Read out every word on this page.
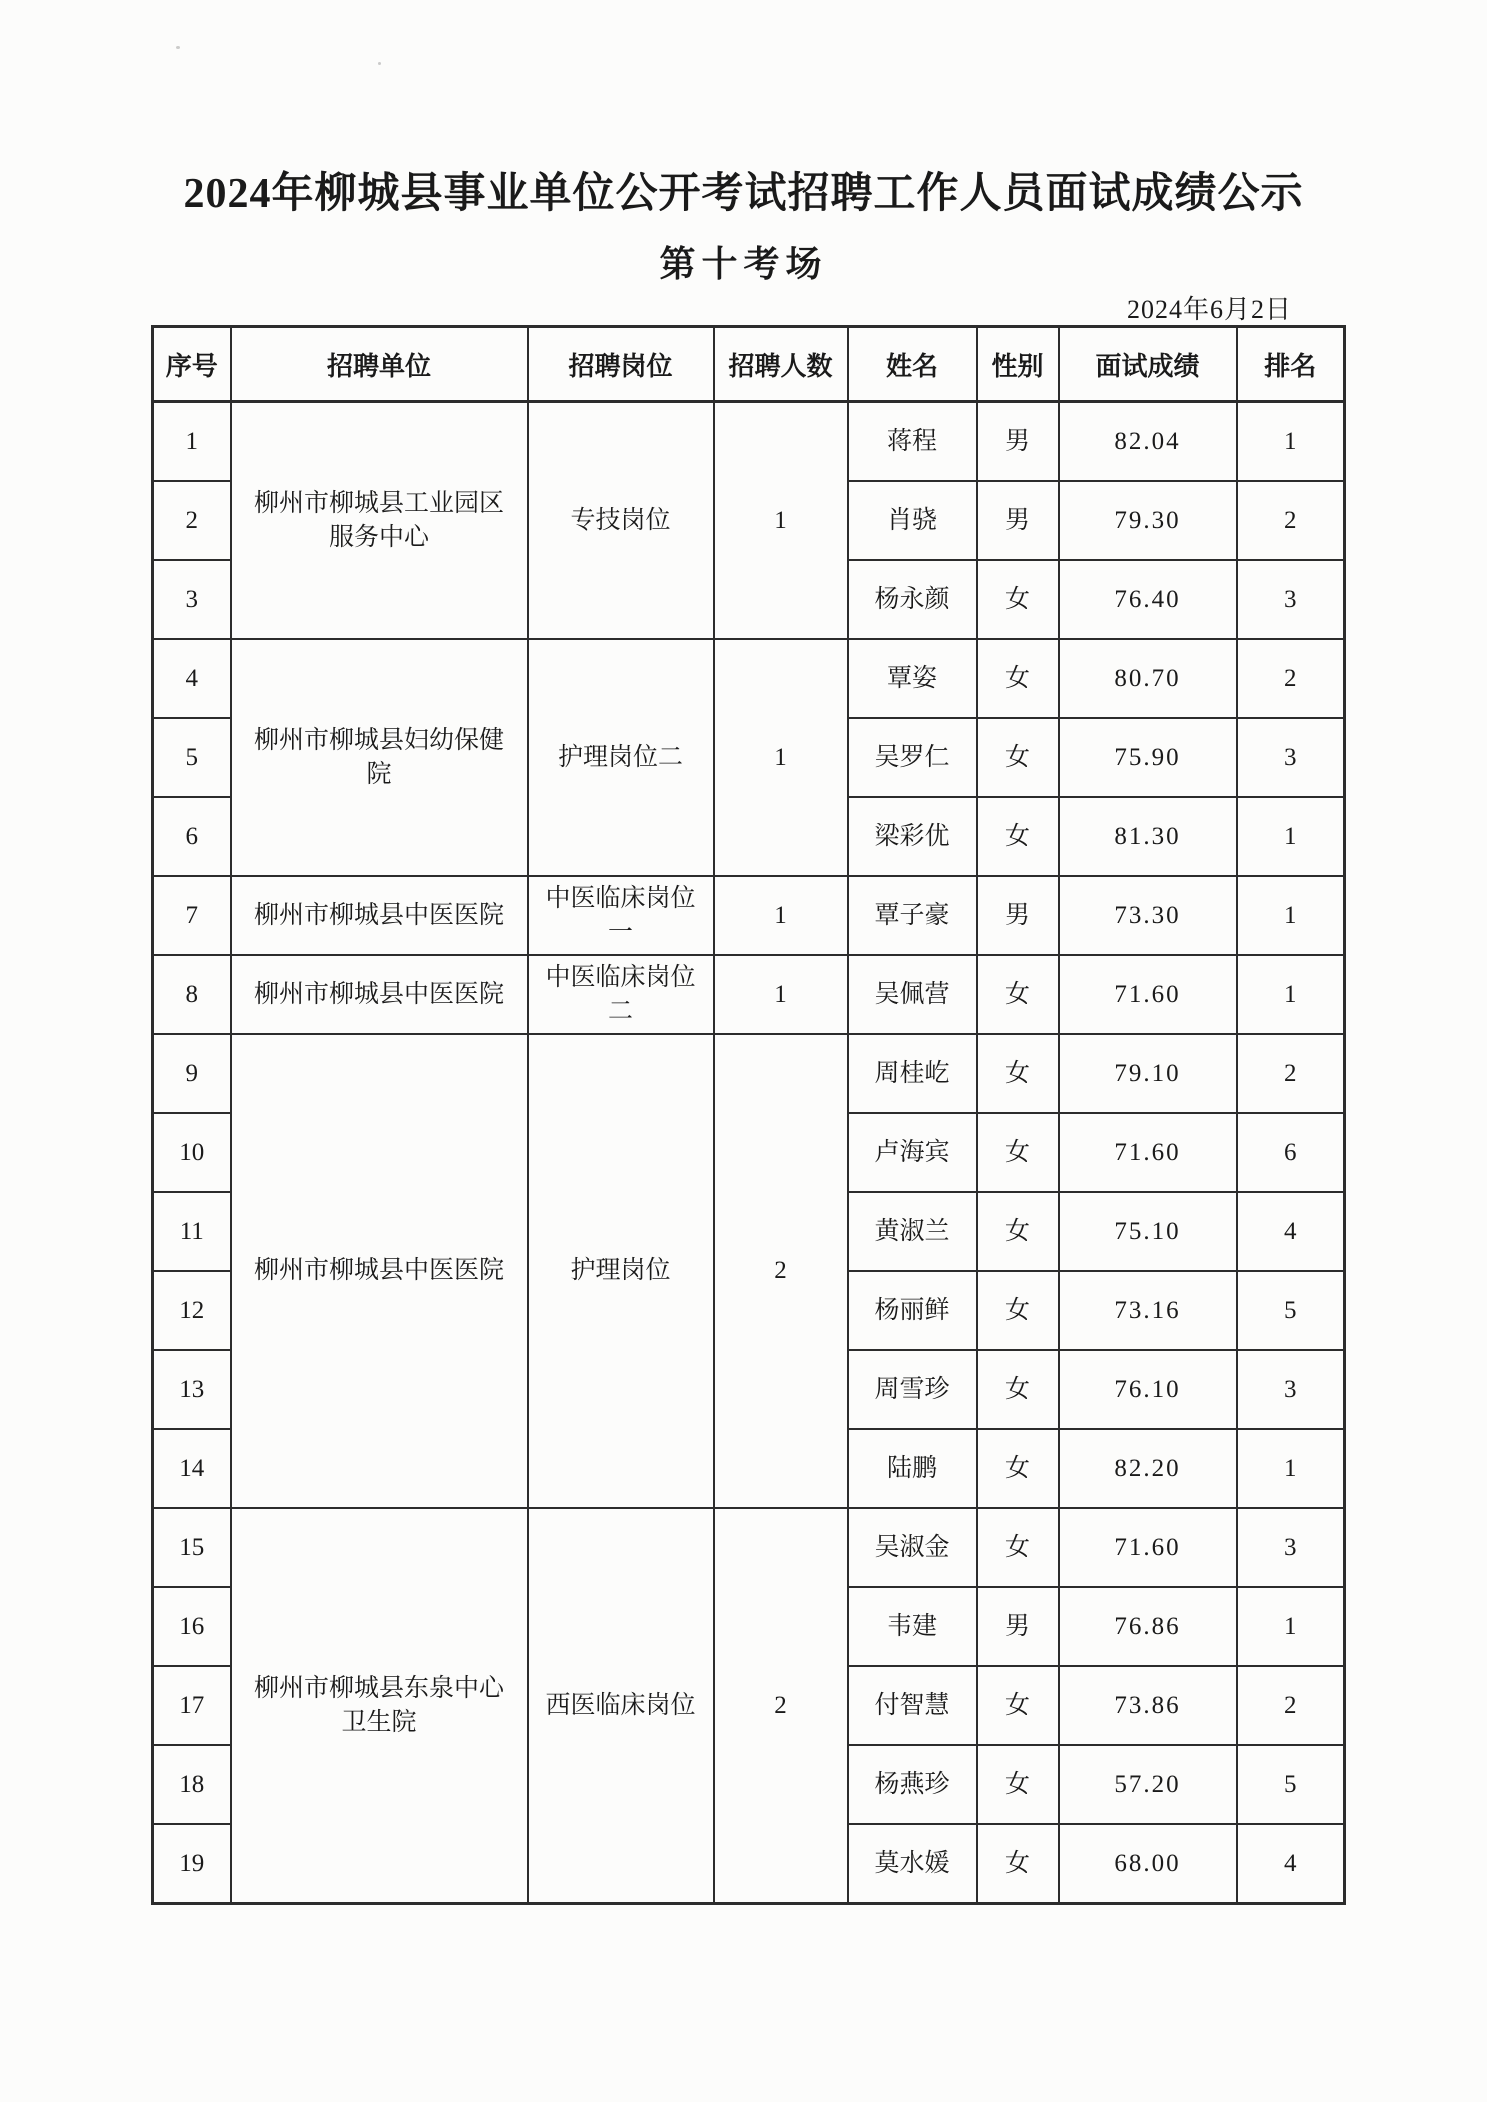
2024年柳城县事业单位公开考试招聘工作人员面试成绩公示
第十考场
2024年6月2日
序号	招聘单位	招聘岗位	招聘人数	姓名	性别	面试成绩	排名
1	柳州市柳城县工业园区服务中心	专技岗位	1	蒋程	男	82.04	1
2				肖骁	男	79.30	2
3				杨永颜	女	76.40	3
4	柳州市柳城县妇幼保健院	护理岗位二	1	覃姿	女	80.70	2
5				吴罗仁	女	75.90	3
6				梁彩优	女	81.30	1
7	柳州市柳城县中医医院	中医临床岗位一	1	覃子豪	男	73.30	1
8	柳州市柳城县中医医院	中医临床岗位二	1	吴佩营	女	71.60	1
9	柳州市柳城县中医医院	护理岗位	2	周桂屹	女	79.10	2
10				卢海宾	女	71.60	6
11				黄淑兰	女	75.10	4
12				杨丽鲜	女	73.16	5
13				周雪珍	女	76.10	3
14				陆鹏	女	82.20	1
15	柳州市柳城县东泉中心卫生院	西医临床岗位	2	吴淑金	女	71.60	3
16				韦建	男	76.86	1
17				付智慧	女	73.86	2
18				杨燕珍	女	57.20	5
19				莫水媛	女	68.00	4
